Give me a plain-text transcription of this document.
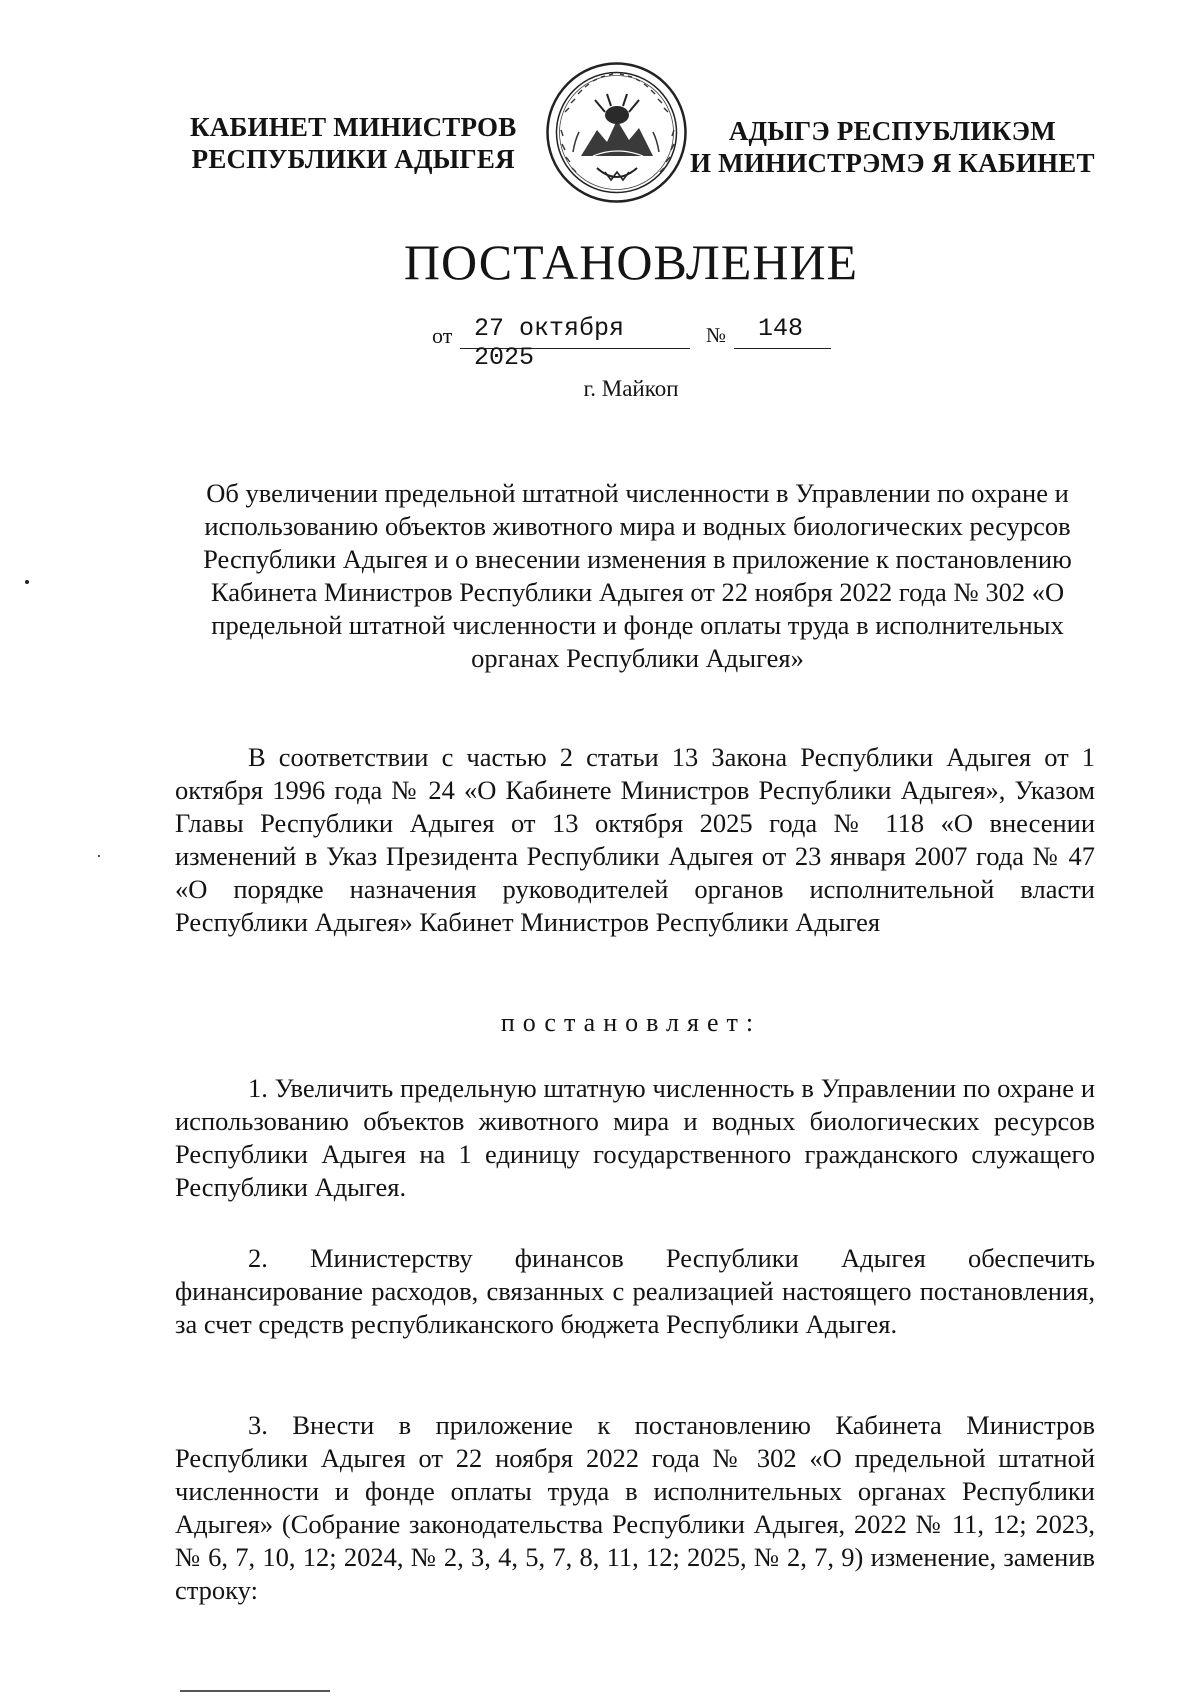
КАБИНЕТ МИНИСТРОВ
РЕСПУБЛИКИ АДЫГЕЯ
АДЫГЭ РЕСПУБЛИКЭМ
И МИНИСТРЭМЭ Я КАБИНЕТ
ПОСТАНОВЛЕНИЕ
от 27 октября 2025
№ 148
г. Майкоп
Об увеличении предельной штатной численности в Управлении по охране и использованию объектов животного мира и водных биологических ресурсов Республики Адыгея и о внесении изменения в приложение к постановлению Кабинета Министров Республики Адыгея от 22 ноября 2022 года № 302 «О предельной штатной численности и фонде оплаты труда в исполнительных органах Республики Адыгея»
В соответствии с частью 2 статьи 13 Закона Республики Адыгея от 1 октября 1996 года № 24 «О Кабинете Министров Республики Адыгея», Указом Главы Республики Адыгея от 13 октября 2025 года № 118 «О внесении изменений в Указ Президента Республики Адыгея от 23 января 2007 года № 47 «О порядке назначения руководителей органов исполнительной власти Республики Адыгея» Кабинет Министров Республики Адыгея
постановляет:
1. Увеличить предельную штатную численность в Управлении по охране и использованию объектов животного мира и водных биологических ресурсов Республики Адыгея на 1 единицу государственного гражданского служащего Республики Адыгея.
2. Министерству финансов Республики Адыгея обеспечить финансирование расходов, связанных с реализацией настоящего постановления, за счет средств республиканского бюджета Республики Адыгея.
3. Внести в приложение к постановлению Кабинета Министров Республики Адыгея от 22 ноября 2022 года № 302 «О предельной штатной численности и фонде оплаты труда в исполнительных органах Республики Адыгея» (Собрание законодательства Республики Адыгея, 2022 № 11, 12; 2023, № 6, 7, 10, 12; 2024, № 2, 3, 4, 5, 7, 8, 11, 12; 2025, № 2, 7, 9) изменение, заменив строку:
